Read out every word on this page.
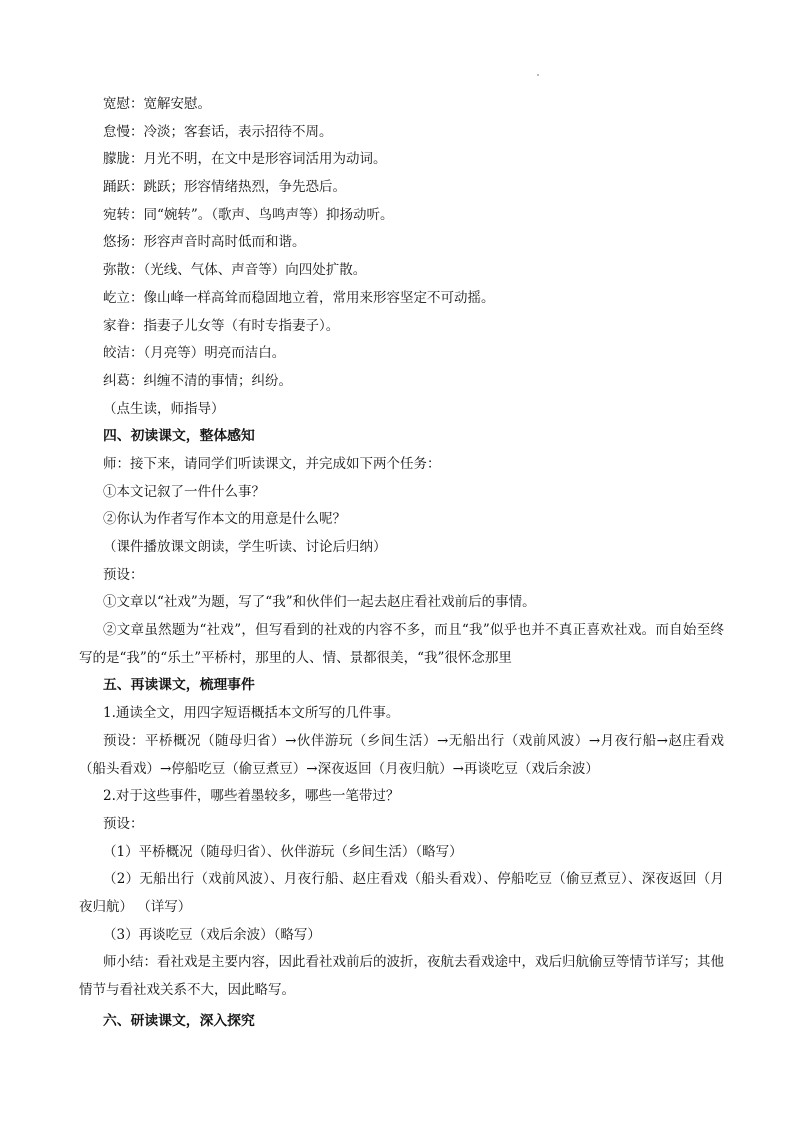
宽慰：宽解安慰。
怠慢：冷淡；客套话，表示招待不周。
朦胧：月光不明，在文中是形容词活用为动词。
踊跃：跳跃；形容情绪热烈，争先恐后。
宛转：同“婉转”。（歌声、鸟鸣声等）抑扬动听。
悠扬：形容声音时高时低而和谐。
弥散：（光线、气体、声音等）向四处扩散。
屹立：像山峰一样高耸而稳固地立着，常用来形容坚定不可动摇。
家眷：指妻子儿女等（有时专指妻子）。
皎洁：（月亮等）明亮而洁白。
纠葛：纠缠不清的事情；纠纷。
（点生读，师指导）
四、初读课文，整体感知
师：接下来，请同学们听读课文，并完成如下两个任务：
①本文记叙了一件什么事？
②你认为作者写作本文的用意是什么呢？
（课件播放课文朗读，学生听读、讨论后归纳）
预设：
①文章以“社戏”为题，写了“我”和伙伴们一起去赵庄看社戏前后的事情。
②文章虽然题为“社戏”，但写看到的社戏的内容不多，而且“我”似乎也并不真正喜欢社戏。而自始至终写的是“我”的“乐土”平桥村，那里的人、情、景都很美，“我”很怀念那里
五、再读课文，梳理事件
1.通读全文，用四字短语概括本文所写的几件事。
预设：平桥概况（随母归省）→伙伴游玩（乡间生活）→无船出行（戏前风波）→月夜行船→赵庄看戏（船头看戏）→停船吃豆（偷豆煮豆）→深夜返回（月夜归航）→再谈吃豆（戏后余波）
2.对于这些事件，哪些着墨较多，哪些一笔带过？
预设：
（1）平桥概况（随母归省）、伙伴游玩（乡间生活）（略写）
（2）无船出行（戏前风波）、月夜行船、赵庄看戏（船头看戏）、停船吃豆（偷豆煮豆）、深夜返回（月夜归航） （详写）
（3）再谈吃豆（戏后余波）（略写）
师小结：看社戏是主要内容，因此看社戏前后的波折，夜航去看戏途中，戏后归航偷豆等情节详写；其他情节与看社戏关系不大，因此略写。
六、研读课文，深入探究
